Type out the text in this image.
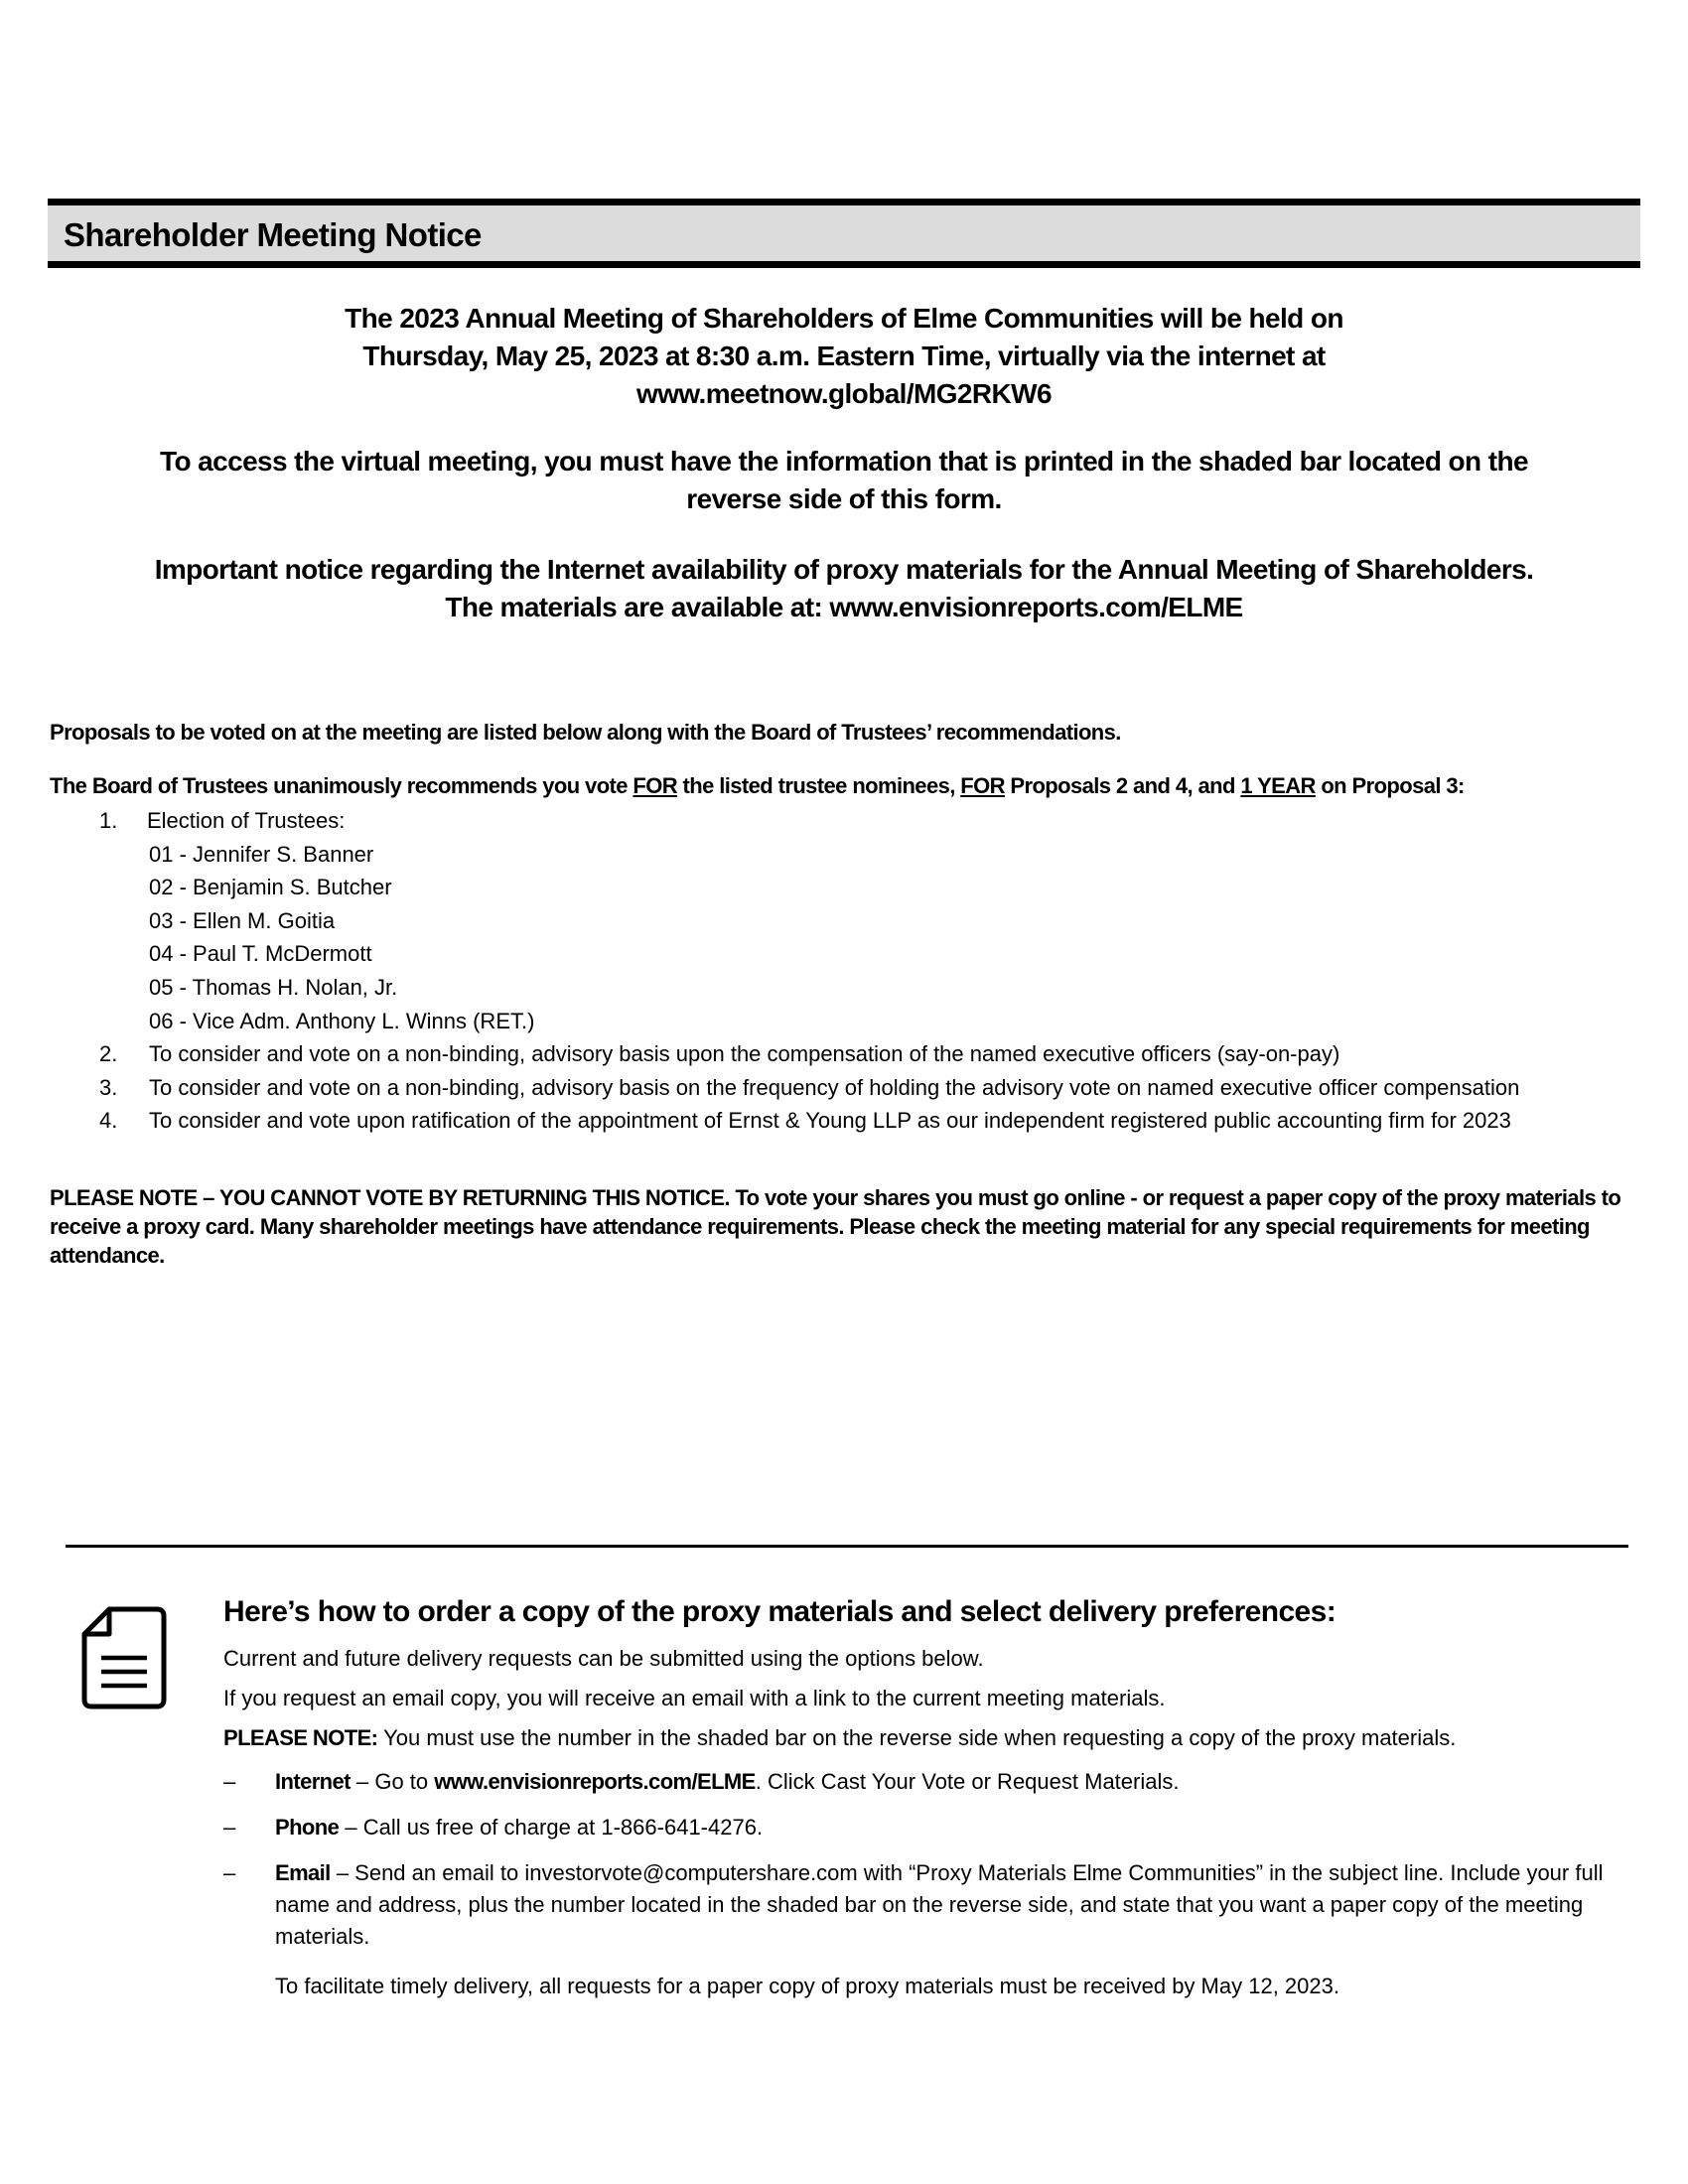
Shareholder Meeting Notice
The 2023 Annual Meeting of Shareholders of Elme Communities will be held on
Thursday, May 25, 2023 at 8:30 a.m. Eastern Time, virtually via the internet at
www.meetnow.global/MG2RKW6
To access the virtual meeting, you must have the information that is printed in the shaded bar located on the
reverse side of this form.
Important notice regarding the Internet availability of proxy materials for the Annual Meeting of Shareholders.
The materials are available at: www.envisionreports.com/ELME
Proposals to be voted on at the meeting are listed below along with the Board of Trustees’ recommendations.
The Board of Trustees unanimously recommends you vote FOR the listed trustee nominees, FOR Proposals 2 and 4, and 1 YEAR on Proposal 3:
1. Election of Trustees:
01 - Jennifer S. Banner
02 - Benjamin S. Butcher
03 - Ellen M. Goitia
04 - Paul T. McDermott
05 - Thomas H. Nolan, Jr.
06 - Vice Adm. Anthony L. Winns (RET.)
2. To consider and vote on a non-binding, advisory basis upon the compensation of the named executive officers (say-on-pay)
3. To consider and vote on a non-binding, advisory basis on the frequency of holding the advisory vote on named executive officer compensation
4. To consider and vote upon ratification of the appointment of Ernst & Young LLP as our independent registered public accounting firm for 2023
PLEASE NOTE – YOU CANNOT VOTE BY RETURNING THIS NOTICE. To vote your shares you must go online - or request a paper copy of the proxy materials to receive a proxy card. Many shareholder meetings have attendance requirements. Please check the meeting material for any special requirements for meeting attendance.
Here’s how to order a copy of the proxy materials and select delivery preferences:
Current and future delivery requests can be submitted using the options below.
If you request an email copy, you will receive an email with a link to the current meeting materials.
PLEASE NOTE: You must use the number in the shaded bar on the reverse side when requesting a copy of the proxy materials.
– Internet – Go to www.envisionreports.com/ELME. Click Cast Your Vote or Request Materials.
– Phone – Call us free of charge at 1-866-641-4276.
– Email – Send an email to investorvote@computershare.com with “Proxy Materials Elme Communities” in the subject line. Include your full name and address, plus the number located in the shaded bar on the reverse side, and state that you want a paper copy of the meeting materials.
To facilitate timely delivery, all requests for a paper copy of proxy materials must be received by May 12, 2023.
